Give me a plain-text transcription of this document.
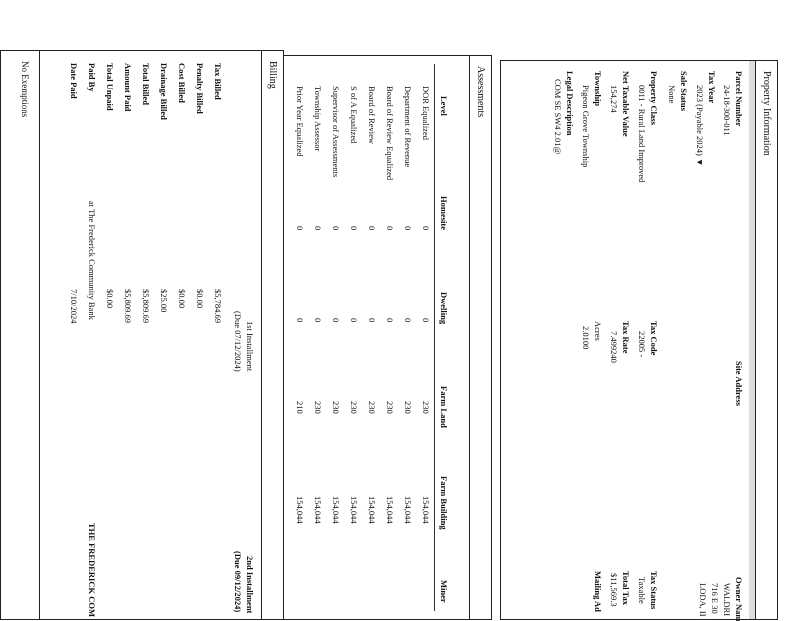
Property Information
Parcel Number
24-18-300-011
Tax Year
2023 (Payable 2024) ▼
Sale Status
None
Property Class
0011 - Rural Land Improved
Net Taxable Value
154,274
Township
Pigeon Grove Township
Legal Description
COM SE SW4 2.01@
Site Address
Tax Code
22005 -
Tax Rate
7.499240
Acres
2.0100
Owner Nam
WALDRI
716 E 30
LODA, II
Tax Status
Taxable
Total Tax
$11,569.3
Mailing Ad
Assessments
Level
Homesite
Dwelling
Farm Land
Farm Building
Miner
DOR Equalized
0
0
230
154,044
Department of Revenue
0
0
230
154,044
Board of Review Equalized
0
0
230
154,044
Board of Review
0
0
230
154,044
S of A Equalized
0
0
230
154,044
Supervisor of Assessments
0
0
230
154,044
Township Assessor
0
0
230
154,044
Prior Year Equalized
0
0
210
154,044
Billing
1st Installment
(Due 07/12/2024)
2nd Installment
(Due 09/12/2024)
Tax Billed
$5,784.69
Penalty Billed
$0.00
Cost Billed
$0.00
Drainage Billed
$25.00
Total Billed
$5,809.69
Amount Paid
$5,809.69
Total Unpaid
$0.00
Paid By
at The Frederick Community Bank
THE FREDERICK COM
Date Paid
7/10/2024
No Exemptions
